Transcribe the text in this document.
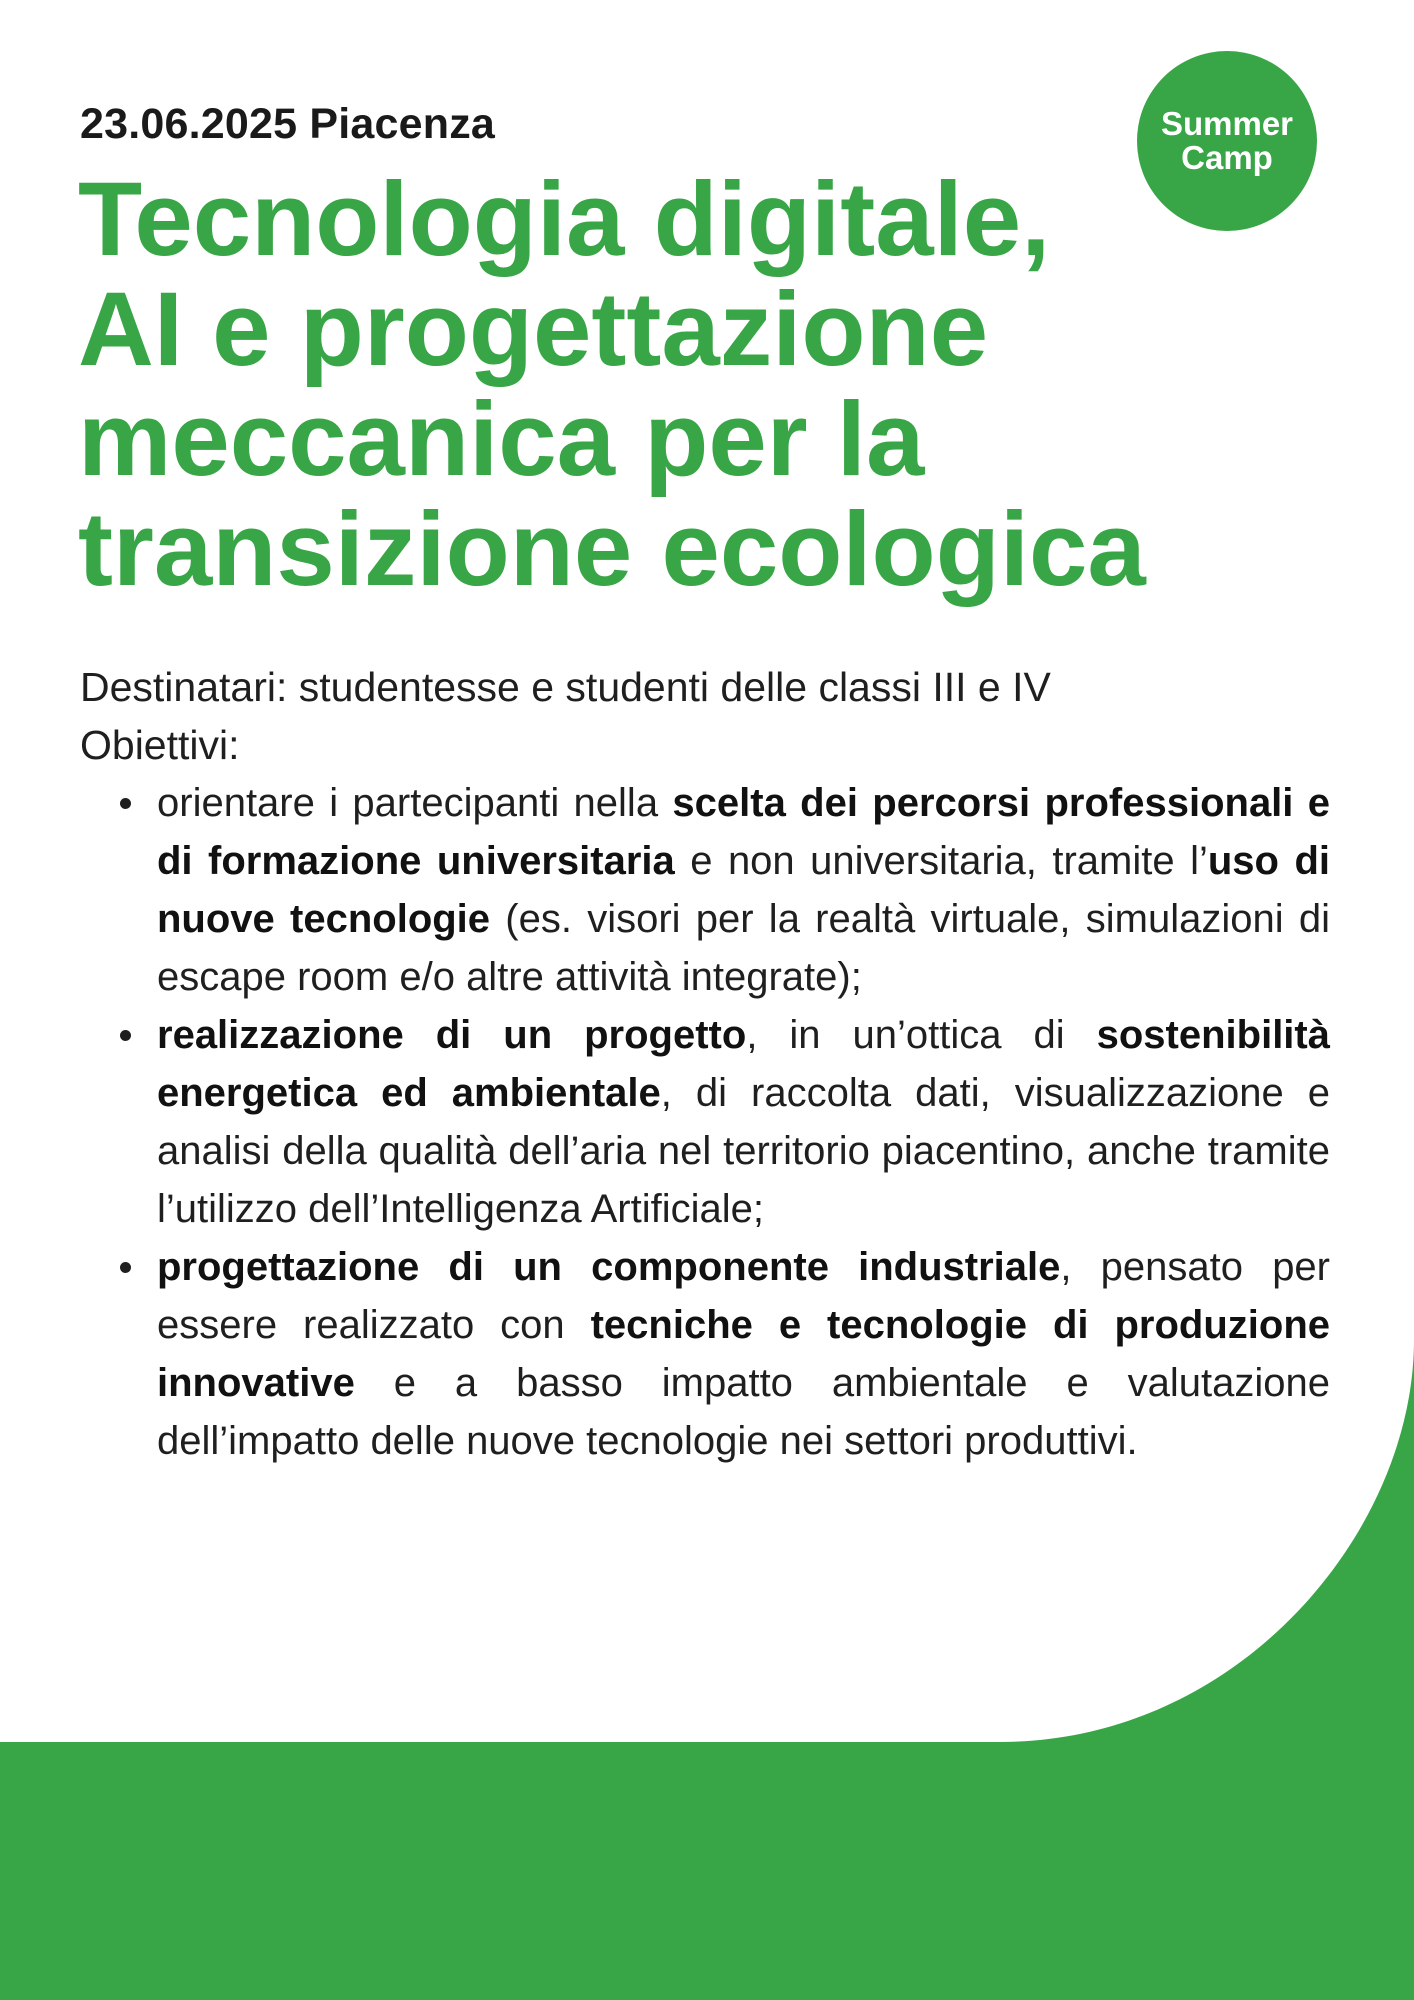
Summer Camp
23.06.2025 Piacenza
Tecnologia digitale,
AI e progettazione
meccanica per la
transizione ecologica
Destinatari: studentesse e studenti delle classi III e IV
Obiettivi:
orientare i partecipanti nella scelta dei percorsi professionali e di formazione universitaria e non universitaria, tramite l’uso di nuove tecnologie (es. visori per la realtà virtuale, simulazioni di escape room e/o altre attività integrate);
realizzazione di un progetto, in un’ottica di sostenibilità energetica ed ambientale, di raccolta dati, visualizzazione e analisi della qualità dell’aria nel territorio piacentino, anche tramite l’utilizzo dell’Intelligenza Artificiale;
progettazione di un componente industriale, pensato per essere realizzato con tecniche e tecnologie di produzione innovative e a basso impatto ambientale e valutazione dell’impatto delle nuove tecnologie nei settori produttivi.
